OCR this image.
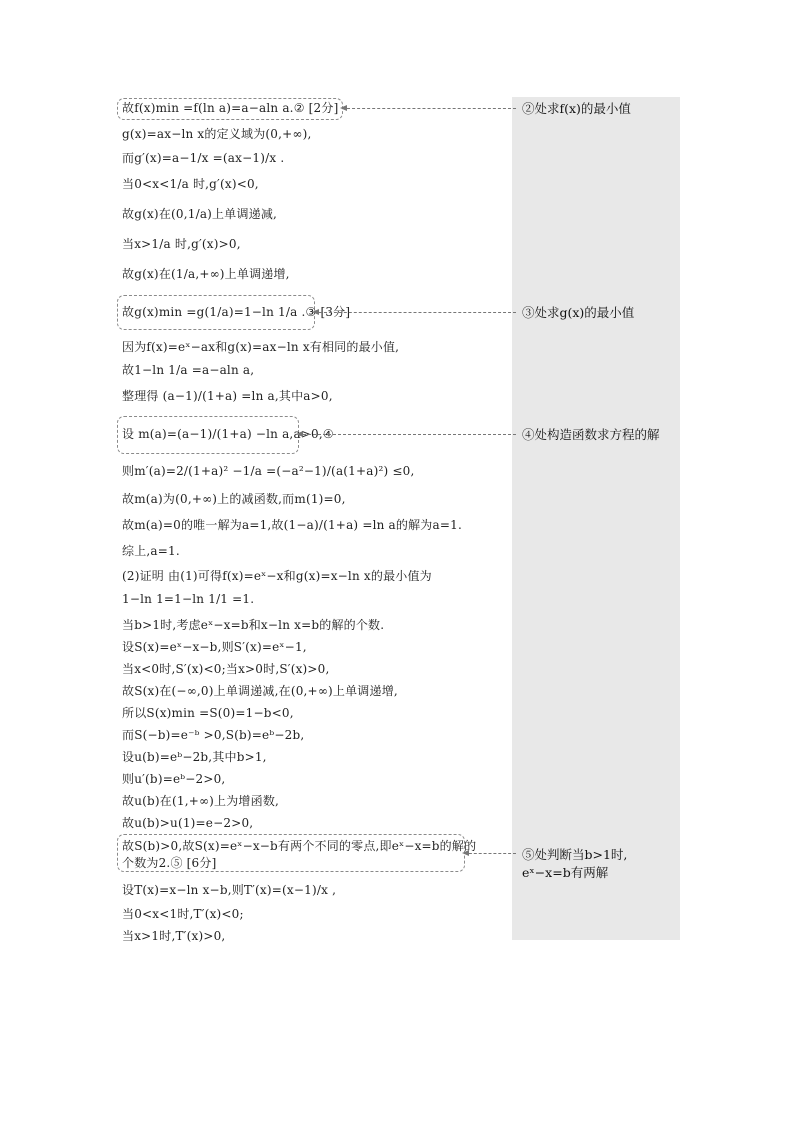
故f(x)min =f(ln a)=a−aln a.② [2分]
g(x)=ax−ln x的定义域为(0,+∞),
而g′(x)=a−1/x =(ax−1)/x .
当0<x<1/a 时,g′(x)<0,
故g(x)在(0,1/a)上单调递减,
当x>1/a 时,g′(x)>0,
故g(x)在(1/a,+∞)上单调递增,
故g(x)min =g(1/a)=1−ln 1/a .③ [3分]
因为f(x)=eˣ−ax和g(x)=ax−ln x有相同的最小值,
故1−ln 1/a =a−aln a,
整理得 (a−1)/(1+a) =ln a,其中a>0,
设 m(a)=(a−1)/(1+a) −ln a,a>0,④
则m′(a)=2/(1+a)² −1/a =(−a²−1)/(a(1+a)²) ≤0,
故m(a)为(0,+∞)上的减函数,而m(1)=0,
故m(a)=0的唯一解为a=1,故(1−a)/(1+a) =ln a的解为a=1.
综上,a=1.
(2)证明 由(1)可得f(x)=eˣ−x和g(x)=x−ln x的最小值为
1−ln 1=1−ln 1/1 =1.
当b>1时,考虑eˣ−x=b和x−ln x=b的解的个数.
设S(x)=eˣ−x−b,则S′(x)=eˣ−1,
当x<0时,S′(x)<0;当x>0时,S′(x)>0,
故S(x)在(−∞,0)上单调递减,在(0,+∞)上单调递增,
所以S(x)min =S(0)=1−b<0,
而S(−b)=e⁻ᵇ >0,S(b)=eᵇ−2b,
设u(b)=eᵇ−2b,其中b>1,
则u′(b)=eᵇ−2>0,
故u(b)在(1,+∞)上为增函数,
故u(b)>u(1)=e−2>0,
故S(b)>0,故S(x)=eˣ−x−b有两个不同的零点,即eˣ−x=b的解的
个数为2.⑤ [6分]
设T(x)=x−ln x−b,则T′(x)=(x−1)/x ,
当0<x<1时,T′(x)<0;
当x>1时,T′(x)>0,
②处求f(x)的最小值
③处求g(x)的最小值
④处构造函数求方程的解
⑤处判断当b>1时,
eˣ−x=b有两解
